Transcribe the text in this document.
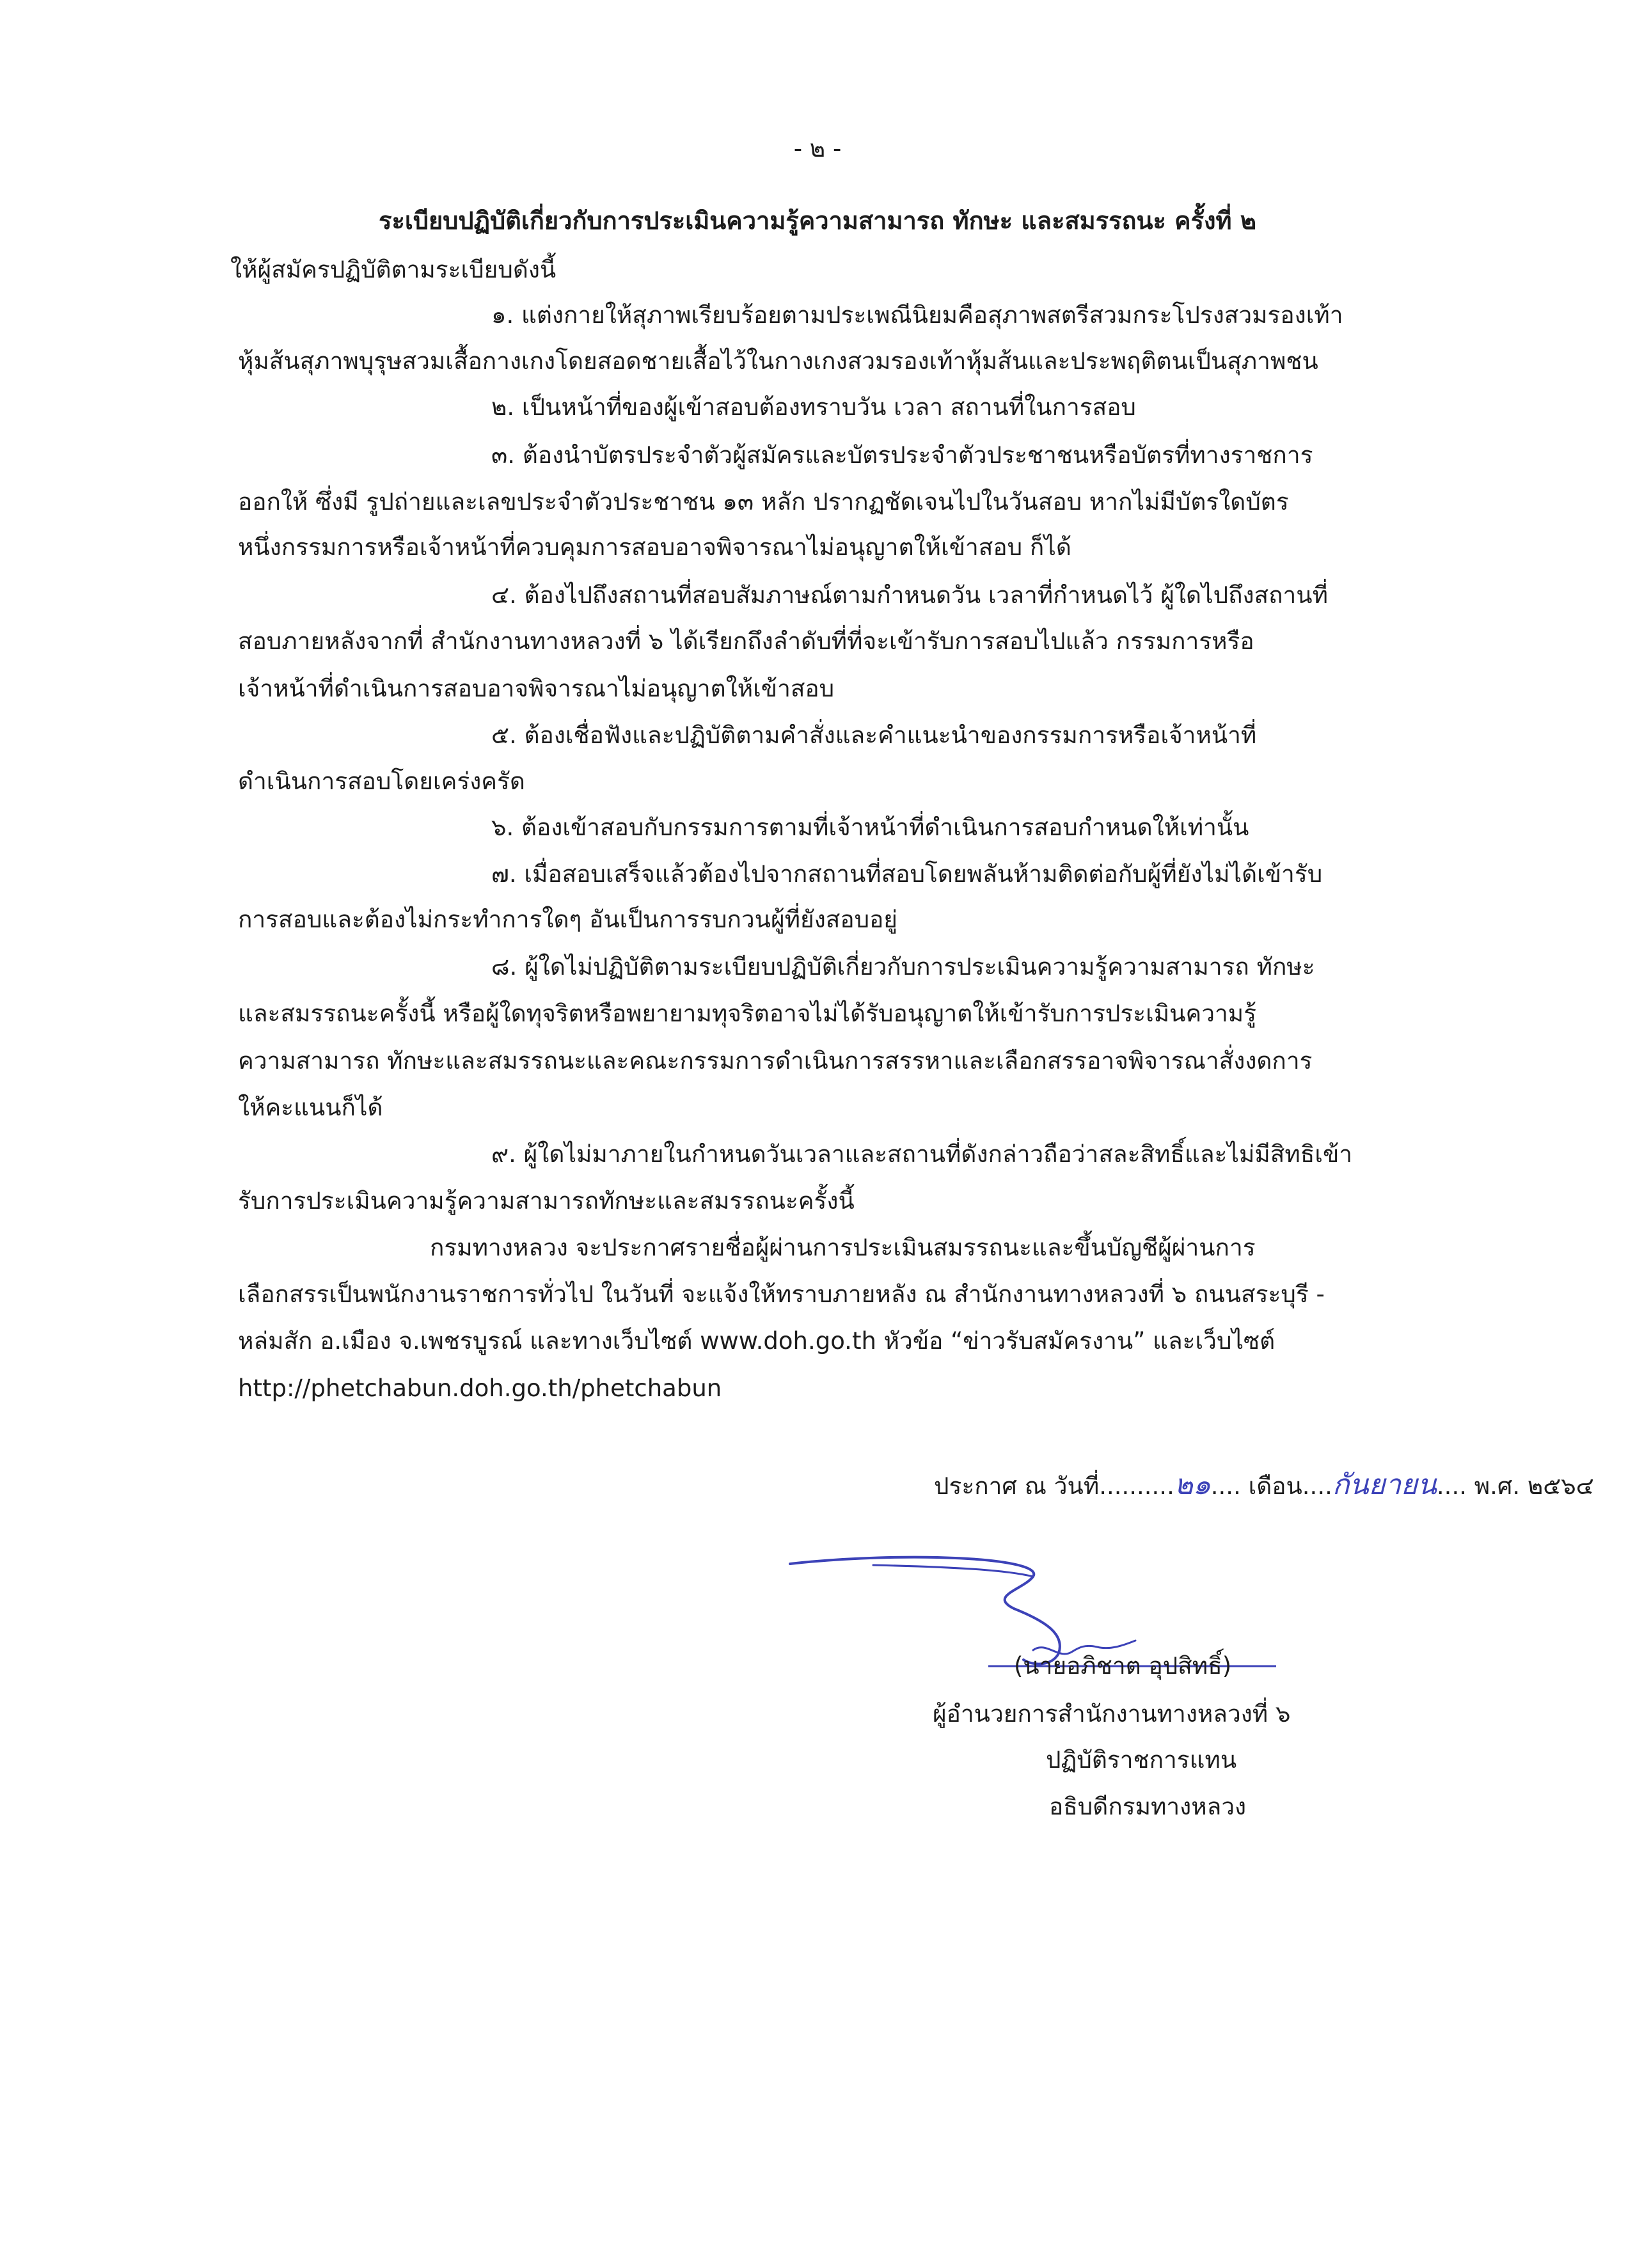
- ๒ -

ระเบียบปฏิบัติเกี่ยวกับการประเมินความรู้ความสามารถ ทักษะ และสมรรถนะ ครั้งที่ ๒

ให้ผู้สมัครปฏิบัติตามระเบียบดังนี้

๑. แต่งกายให้สุภาพเรียบร้อยตามประเพณีนิยมคือสุภาพสตรีสวมกระโปรงสวมรองเท้า

หุ้มส้นสุภาพบุรุษสวมเสื้อกางเกงโดยสอดชายเสื้อไว้ในกางเกงสวมรองเท้าหุ้มส้นและประพฤติตนเป็นสุภาพชน

๒. เป็นหน้าที่ของผู้เข้าสอบต้องทราบวัน เวลา สถานที่ในการสอบ

๓. ต้องนำบัตรประจำตัวผู้สมัครและบัตรประจำตัวประชาชนหรือบัตรที่ทางราชการ

ออกให้ ซึ่งมี รูปถ่ายและเลขประจำตัวประชาชน ๑๓ หลัก ปรากฏชัดเจนไปในวันสอบ หากไม่มีบัตรใดบัตร

หนึ่งกรรมการหรือเจ้าหน้าที่ควบคุมการสอบอาจพิจารณาไม่อนุญาตให้เข้าสอบ ก็ได้

๔. ต้องไปถึงสถานที่สอบสัมภาษณ์ตามกำหนดวัน เวลาที่กำหนดไว้ ผู้ใดไปถึงสถานที่

สอบภายหลังจากที่ สำนักงานทางหลวงที่ ๖ ได้เรียกถึงลำดับที่ที่จะเข้ารับการสอบไปแล้ว กรรมการหรือ

เจ้าหน้าที่ดำเนินการสอบอาจพิจารณาไม่อนุญาตให้เข้าสอบ

๕. ต้องเชื่อฟังและปฏิบัติตามคำสั่งและคำแนะนำของกรรมการหรือเจ้าหน้าที่

ดำเนินการสอบโดยเคร่งครัด

๖. ต้องเข้าสอบกับกรรมการตามที่เจ้าหน้าที่ดำเนินการสอบกำหนดให้เท่านั้น

๗. เมื่อสอบเสร็จแล้วต้องไปจากสถานที่สอบโดยพลันห้ามติดต่อกับผู้ที่ยังไม่ได้เข้ารับ

การสอบและต้องไม่กระทำการใดๆ อันเป็นการรบกวนผู้ที่ยังสอบอยู่

๘. ผู้ใดไม่ปฏิบัติตามระเบียบปฏิบัติเกี่ยวกับการประเมินความรู้ความสามารถ ทักษะ

และสมรรถนะครั้งนี้ หรือผู้ใดทุจริตหรือพยายามทุจริตอาจไม่ได้รับอนุญาตให้เข้ารับการประเมินความรู้

ความสามารถ ทักษะและสมรรถนะและคณะกรรมการดำเนินการสรรหาและเลือกสรรอาจพิจารณาสั่งงดการ

ให้คะแนนก็ได้

๙. ผู้ใดไม่มาภายในกำหนดวันเวลาและสถานที่ดังกล่าวถือว่าสละสิทธิ์และไม่มีสิทธิเข้า

รับการประเมินความรู้ความสามารถทักษะและสมรรถนะครั้งนี้

กรมทางหลวง จะประกาศรายชื่อผู้ผ่านการประเมินสมรรถนะและขึ้นบัญชีผู้ผ่านการ

เลือกสรรเป็นพนักงานราชการทั่วไป ในวันที่ จะแจ้งให้ทราบภายหลัง ณ สำนักงานทางหลวงที่ ๖ ถนนสระบุรี -

หล่มสัก อ.เมือง จ.เพชรบูรณ์ และทางเว็บไซต์ www.doh.go.th หัวข้อ “ข่าวรับสมัครงาน” และเว็บไซต์

http://phetchabun.doh.go.th/phetchabun

ประกาศ ณ วันที่..........๒๑.... เดือน....กันยายน.... พ.ศ. ๒๕๖๔
(นายอภิชาต อุปสิทธิ์)
ผู้อำนวยการสำนักงานทางหลวงที่ ๖
ปฏิบัติราชการแทน
อธิบดีกรมทางหลวง
